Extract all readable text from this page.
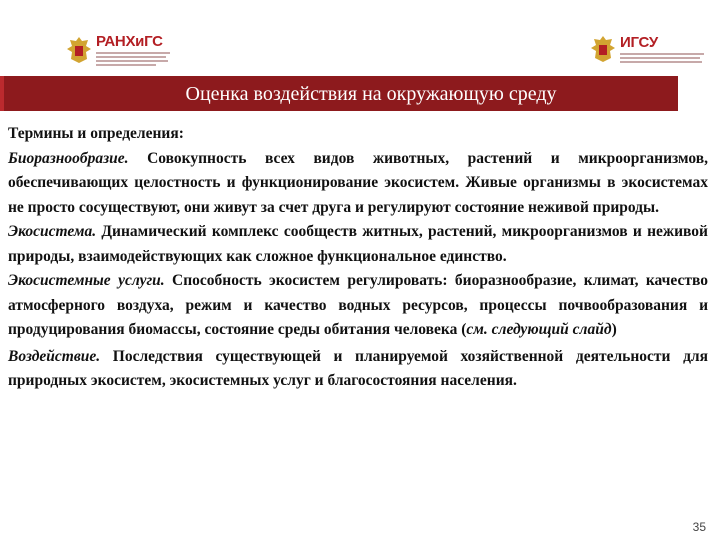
РАНХиГС	ИГСУ
Оценка воздействия на окружающую среду

Термины и определения:

Биоразнообразие. Совокупность всех видов животных, растений и микроорганизмов, обеспечивающих целостность и функционирование экосистем. Живые организмы в экосистемах не просто сосуществуют, они живут за счет друга и регулируют состояние неживой природы.

Экосистема. Динамический комплекс сообществ житных, растений, микроорганизмов и неживой природы, взаимодействующих как сложное функциональное единство.

Экосистемные услуги. Способность экосистем регулировать: биоразнообразие, климат, качество атмосферного воздуха, режим и качество водных ресурсов, процессы почвообразования и продуцирования биомассы, состояние среды обитания человека (см. следующий слайд)

Воздействие. Последствия существующей и планируемой хозяйственной деятельности для природных экосистем, экосистемных услуг и благосостояния населения.

35
